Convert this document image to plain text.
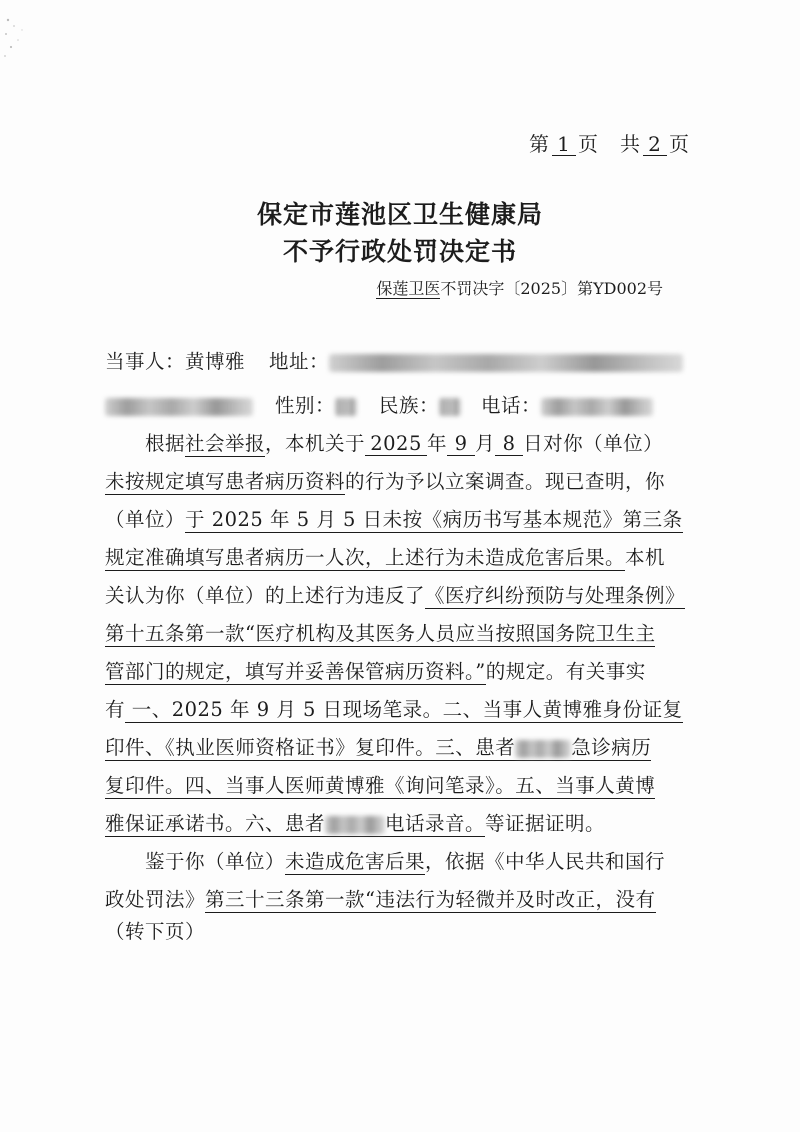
第 1 页　共 2 页
保定市莲池区卫生健康局
不予行政处罚决定书
保莲卫医不罚决字〔2025〕第YD002号
当事人：黄博雅 地址：
性别： 民族： 电话：
根据社会举报，本机关于 2025 年 9 月 8 日对你（单位）
未按规定填写患者病历资料的行为予以立案调查。现已查明，你
（单位）于 2025 年 5 月 5 日未按《病历书写基本规范》第三条
规定准确填写患者病历一人次，上述行为未造成危害后果。本机
关认为你（单位）的上述行为违反了《医疗纠纷预防与处理条例》
第十五条第一款“医疗机构及其医务人员应当按照国务院卫生主
管部门的规定，填写并妥善保管病历资料。”的规定。有关事实
有 一、2025 年 9 月 5 日现场笔录。二、当事人黄博雅身份证复
印件、《执业医师资格证书》复印件。三、患者	急诊病历
复印件。四、当事人医师黄博雅《询问笔录》。五、当事人黄博
雅保证承诺书。六、患者	电话录音。等证据证明。
鉴于你（单位）未造成危害后果，依据《中华人民共和国行
政处罚法》第三十三条第一款“违法行为轻微并及时改正，没有
（转下页）
